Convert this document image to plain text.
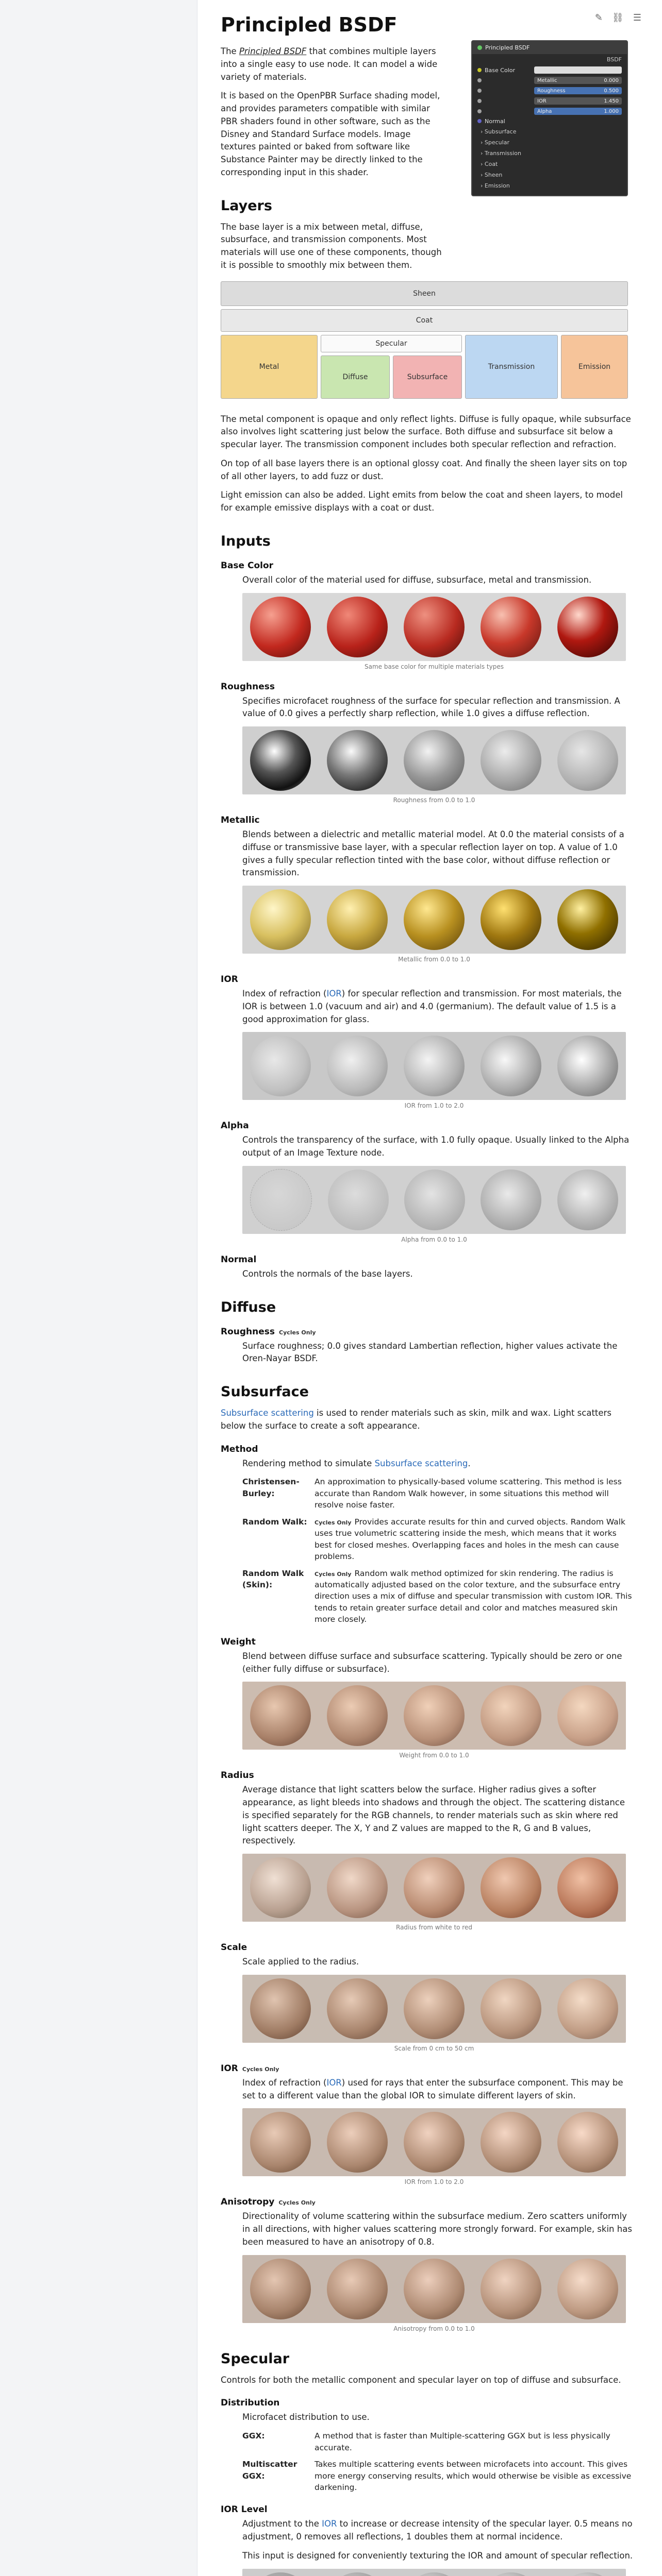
✎ ⛓ ☰
Principled BSDF

The Principled BSDF that combines multiple layers into a single easy to use node. It can model a wide variety of materials.

It is based on the OpenPBR Surface shading model, and provides parameters compatible with similar PBR shaders found in other software, such as the Disney and Standard Surface models. Image textures painted or baked from software like Substance Painter may be directly linked to the corresponding input in this shader.

Principled BSDF
BSDF
Base Color
Metallic	0.000
Roughness	0.500
IOR	1.450
Alpha	1.000
Normal
› Subsurface
› Specular
› Transmission
› Coat
› Sheen
› Emission
Layers

The base layer is a mix between metal, diffuse, subsurface, and transmission components. Most materials will use one of these components, though it is possible to smoothly mix between them.

Sheen
Coat
Specular
Metal
Diffuse	Subsurface
Transmission	Emission

The metal component is opaque and only reflect lights. Diffuse is fully opaque, while subsurface also involves light scattering just below the surface. Both diffuse and subsurface sit below a specular layer. The transmission component includes both specular reflection and refraction.

On top of all base layers there is an optional glossy coat. And finally the sheen layer sits on top of all other layers, to add fuzz or dust.

Light emission can also be added. Light emits from below the coat and sheen layers, to model for example emissive displays with a coat or dust.

Inputs
Base Color

Overall color of the material used for diffuse, subsurface, metal and transmission.

Same base color for multiple materials types
Roughness

Specifies microfacet roughness of the surface for specular reflection and transmission. A value of 0.0 gives a perfectly sharp reflection, while 1.0 gives a diffuse reflection.

Roughness from 0.0 to 1.0
Metallic

Blends between a dielectric and metallic material model. At 0.0 the material consists of a diffuse or transmissive base layer, with a specular reflection layer on top. A value of 1.0 gives a fully specular reflection tinted with the base color, without diffuse reflection or transmission.

Metallic from 0.0 to 1.0
IOR

Index of refraction (IOR) for specular reflection and transmission. For most materials, the IOR is between 1.0 (vacuum and air) and 4.0 (germanium). The default value of 1.5 is a good approximation for glass.

IOR from 1.0 to 2.0
Alpha

Controls the transparency of the surface, with 1.0 fully opaque. Usually linked to the Alpha output of an Image Texture node.

Alpha from 0.0 to 1.0
Normal

Controls the normals of the base layers.

Diffuse
Roughness Cycles Only

Surface roughness; 0.0 gives standard Lambertian reflection, higher values activate the Oren-Nayar BSDF.

Subsurface

Subsurface scattering is used to render materials such as skin, milk and wax. Light scatters below the surface to create a soft appearance.

Method

Rendering method to simulate Subsurface scattering.

Christensen-Burley:
An approximation to physically-based volume scattering. This method is less accurate than Random Walk however, in some situations this method will resolve noise faster.
Random Walk:	Cycles Only Provides accurate results for thin and curved objects. Random Walk uses true volumetric scattering inside the mesh, which means that it works best for closed meshes. Overlapping faces and holes in the mesh can cause problems.
Random Walk (Skin):
Cycles Only Random walk method optimized for skin rendering. The radius is automatically adjusted based on the color texture, and the subsurface entry direction uses a mix of diffuse and specular transmission with custom IOR. This tends to retain greater surface detail and color and matches measured skin more closely.
Weight

Blend between diffuse surface and subsurface scattering. Typically should be zero or one (either fully diffuse or subsurface).

Weight from 0.0 to 1.0
Radius

Average distance that light scatters below the surface. Higher radius gives a softer appearance, as light bleeds into shadows and through the object. The scattering distance is specified separately for the RGB channels, to render materials such as skin where red light scatters deeper. The X, Y and Z values are mapped to the R, G and B values, respectively.

Radius from white to red
Scale

Scale applied to the radius.

Scale from 0 cm to 50 cm
IOR Cycles Only

Index of refraction (IOR) used for rays that enter the subsurface component. This may be set to a different value than the global IOR to simulate different layers of skin.

IOR from 1.0 to 2.0
Anisotropy Cycles Only

Directionality of volume scattering within the subsurface medium. Zero scatters uniformly in all directions, with higher values scattering more strongly forward. For example, skin has been measured to have an anisotropy of 0.8.

Anisotropy from 0.0 to 1.0
Specular

Controls for both the metallic component and specular layer on top of diffuse and subsurface.

Distribution

Microfacet distribution to use.

GGX:	A method that is faster than Multiple-scattering GGX but is less physically accurate.
Multiscatter GGX:
Takes multiple scattering events between microfacets into account. This gives more energy conserving results, which would otherwise be visible as excessive darkening.
IOR Level

Adjustment to the IOR to increase or decrease intensity of the specular layer. 0.5 means no adjustment, 0 removes all reflections, 1 doubles them at normal incidence.

This input is designed for conveniently texturing the IOR and amount of specular reflection.
